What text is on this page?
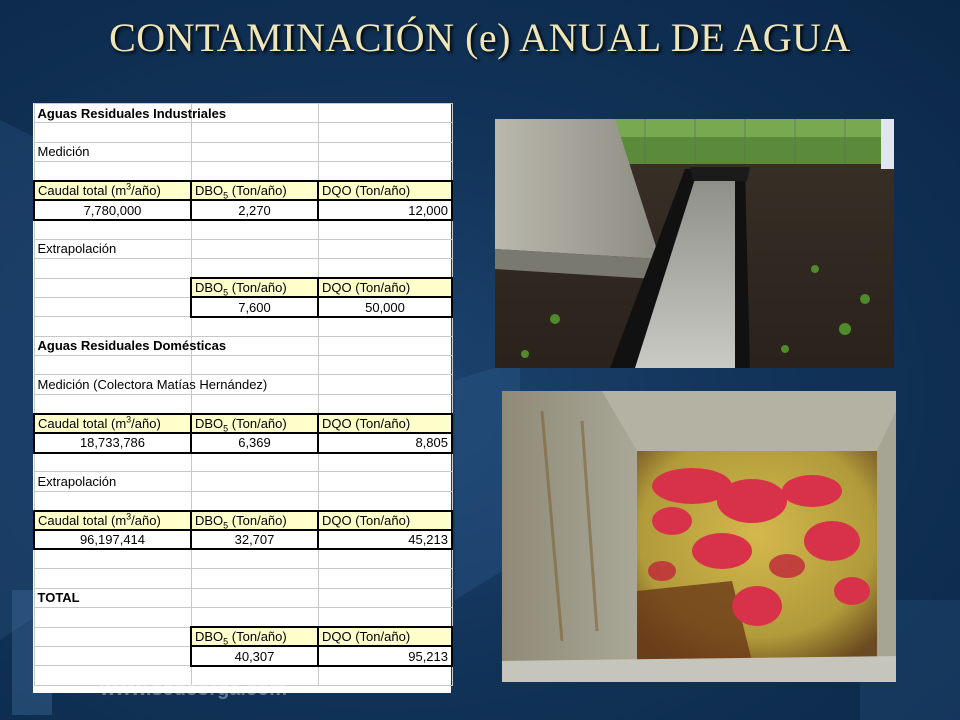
CONTAMINACIÓN (e) ANUAL DE AGUA
Aguas Residuales Industriales		

Medición		

Caudal total $(m^3/año)$	$DBO_5$ (Ton/año)	DQO (Ton/año)
7,780,000	2,270	12,000

Extrapolación		

	$DBO_5$ (Ton/año)	DQO (Ton/año)
	7,600	50,000

Aguas Residuales Domésticas		

Medición (Colectora Matías Hernández)		

Caudal total $(m^3/año)$	$DBO_5$ (Ton/año)	DQO (Ton/año)
18,733,786	6,369	8,805

Extrapolación		

Caudal total $(m^3/año)$	$DBO_5$ (Ton/año)	DQO (Ton/año)
96,197,414	32,707	45,213

TOTAL		

	$DBO_5$ (Ton/año)	DQO (Ton/año)
	40,307	95,213

www.sedeorga.com
